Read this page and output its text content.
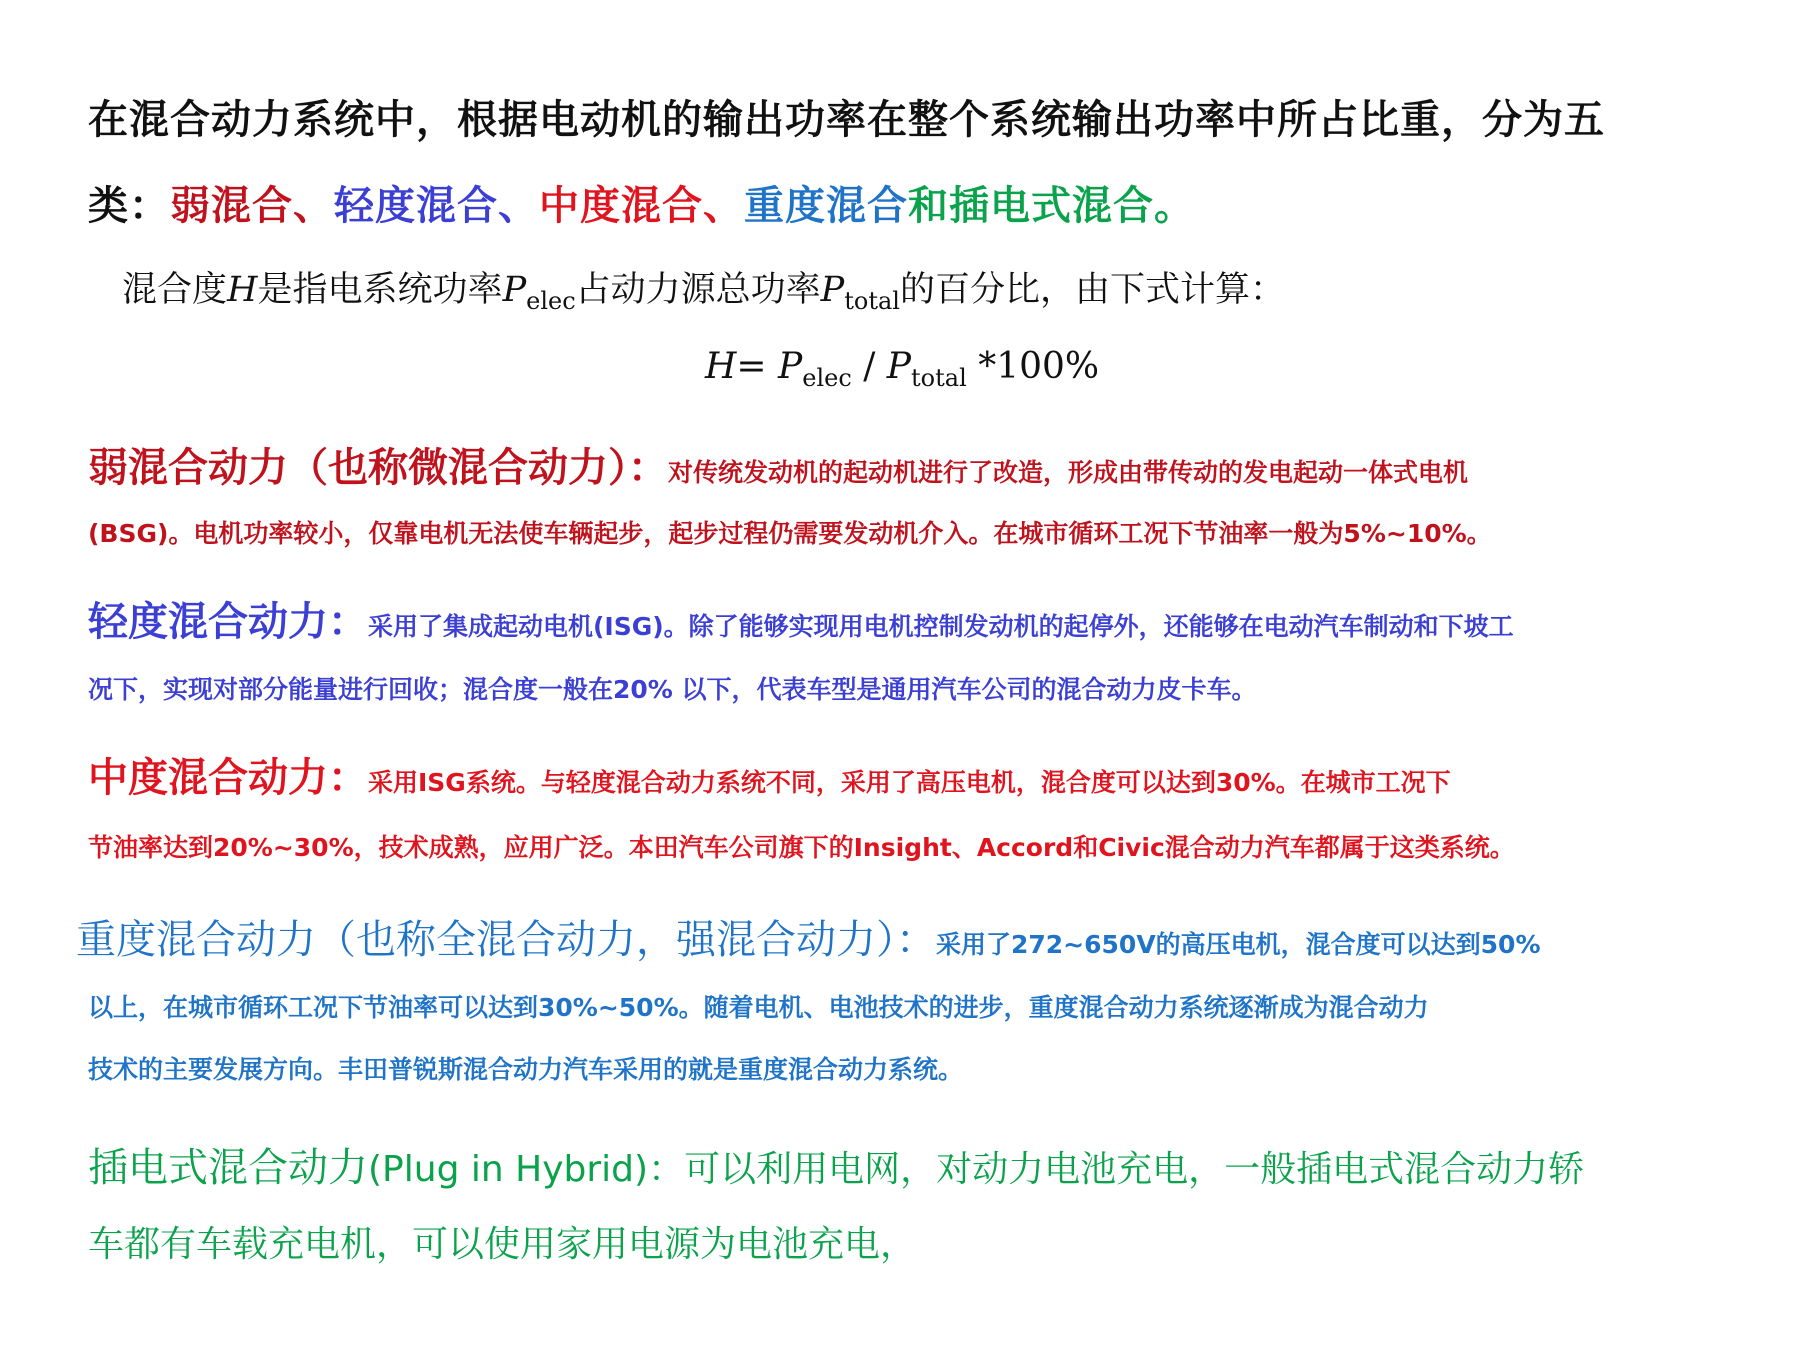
在混合动力系统中，根据电动机的输出功率在整个系统输出功率中所占比重，分为五
类：弱混合、轻度混合、中度混合、重度混合和插电式混合。
混合度H是指电系统功率$P_{elec}$占动力源总功率$P_{total}$的百分比，由下式计算：
$H= P_{elec} / P_{total}$ *100%
弱混合动力（也称微混合动力）：对传统发动机的起动机进行了改造，形成由带传动的发电起动一体式电机
(BSG)。电机功率较小，仅靠电机无法使车辆起步，起步过程仍需要发动机介入。在城市循环工况下节油率一般为5%~10%。
轻度混合动力：采用了集成起动电机(ISG)。除了能够实现用电机控制发动机的起停外，还能够在电动汽车制动和下坡工
况下，实现对部分能量进行回收；混合度一般在20% 以下，代表车型是通用汽车公司的混合动力皮卡车。
中度混合动力：采用ISG系统。与轻度混合动力系统不同，采用了高压电机，混合度可以达到30%。在城市工况下
节油率达到20%~30%，技术成熟，应用广泛。本田汽车公司旗下的Insight、Accord和Civic混合动力汽车都属于这类系统。
重度混合动力（也称全混合动力，强混合动力）：采用了272~650V的高压电机，混合度可以达到50%
以上，在城市循环工况下节油率可以达到30%~50%。随着电机、电池技术的进步，重度混合动力系统逐渐成为混合动力
技术的主要发展方向。丰田普锐斯混合动力汽车采用的就是重度混合动力系统。
插电式混合动力(Plug in Hybrid)：可以利用电网，对动力电池充电，一般插电式混合动力轿
车都有车载充电机，可以使用家用电源为电池充电，
